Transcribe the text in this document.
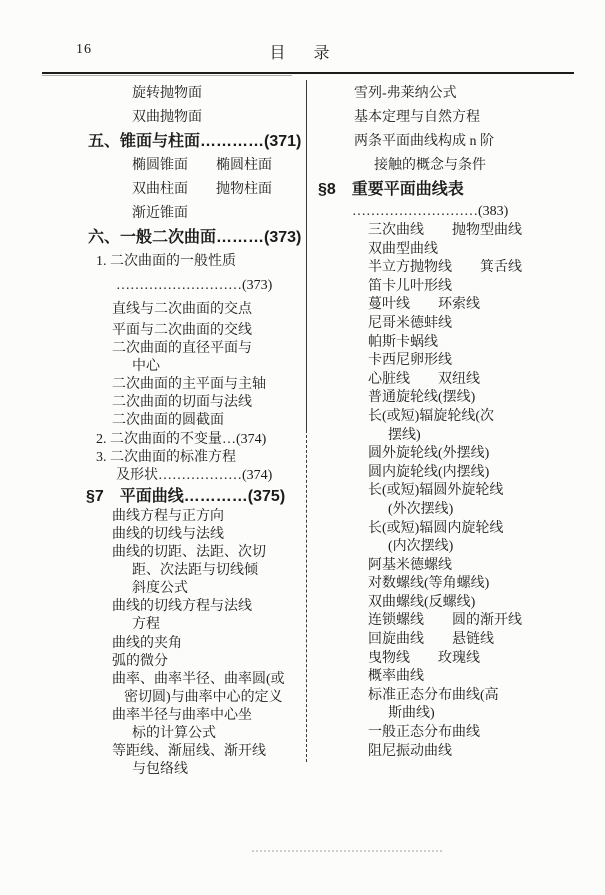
16	目　录
旋转抛物面
双曲抛物面
五、锥面与柱面…………(371)
椭圆锥面　　椭圆柱面
双曲柱面　　抛物柱面
渐近锥面
六、一般二次曲面………(373)
1. 二次曲面的一般性质
………………………(373)
直线与二次曲面的交点
平面与二次曲面的交线
二次曲面的直径平面与
中心
二次曲面的主平面与主轴
二次曲面的切面与法线
二次曲面的圆截面
2. 二次曲面的不变量…(374)
3. 二次曲面的标准方程
及形状………………(374)
§7　平面曲线…………(375)
曲线方程与正方向
曲线的切线与法线
曲线的切距、法距、次切
距、次法距与切线倾
斜度公式
曲线的切线方程与法线
方程
曲线的夹角
弧的微分
曲率、曲率半径、曲率圆(或
密切圆)与曲率中心的定义
曲率半径与曲率中心坐
标的计算公式
等距线、渐屈线、渐开线
与包络线
雪列-弗莱纳公式
基本定理与自然方程
两条平面曲线构成 n 阶
接触的概念与条件
§8　重要平面曲线表
………………………(383)
三次曲线　　抛物型曲线
双曲型曲线
半立方抛物线　　箕舌线
笛卡儿叶形线
蔓叶线　　环索线
尼哥米德蚌线
帕斯卡蜗线
卡西尼卵形线
心脏线　　双纽线
普通旋轮线(摆线)
长(或短)辐旋轮线(次
摆线)
圆外旋轮线(外摆线)
圆内旋轮线(内摆线)
长(或短)辐圆外旋轮线
(外次摆线)
长(或短)辐圆内旋轮线
(内次摆线)
阿基米德螺线
对数螺线(等角螺线)
双曲螺线(反螺线)
连锁螺线　　圆的渐开线
回旋曲线　　悬链线
曳物线　　玫瑰线
概率曲线
标准正态分布曲线(高
斯曲线)
一般正态分布曲线
阻尼振动曲线
